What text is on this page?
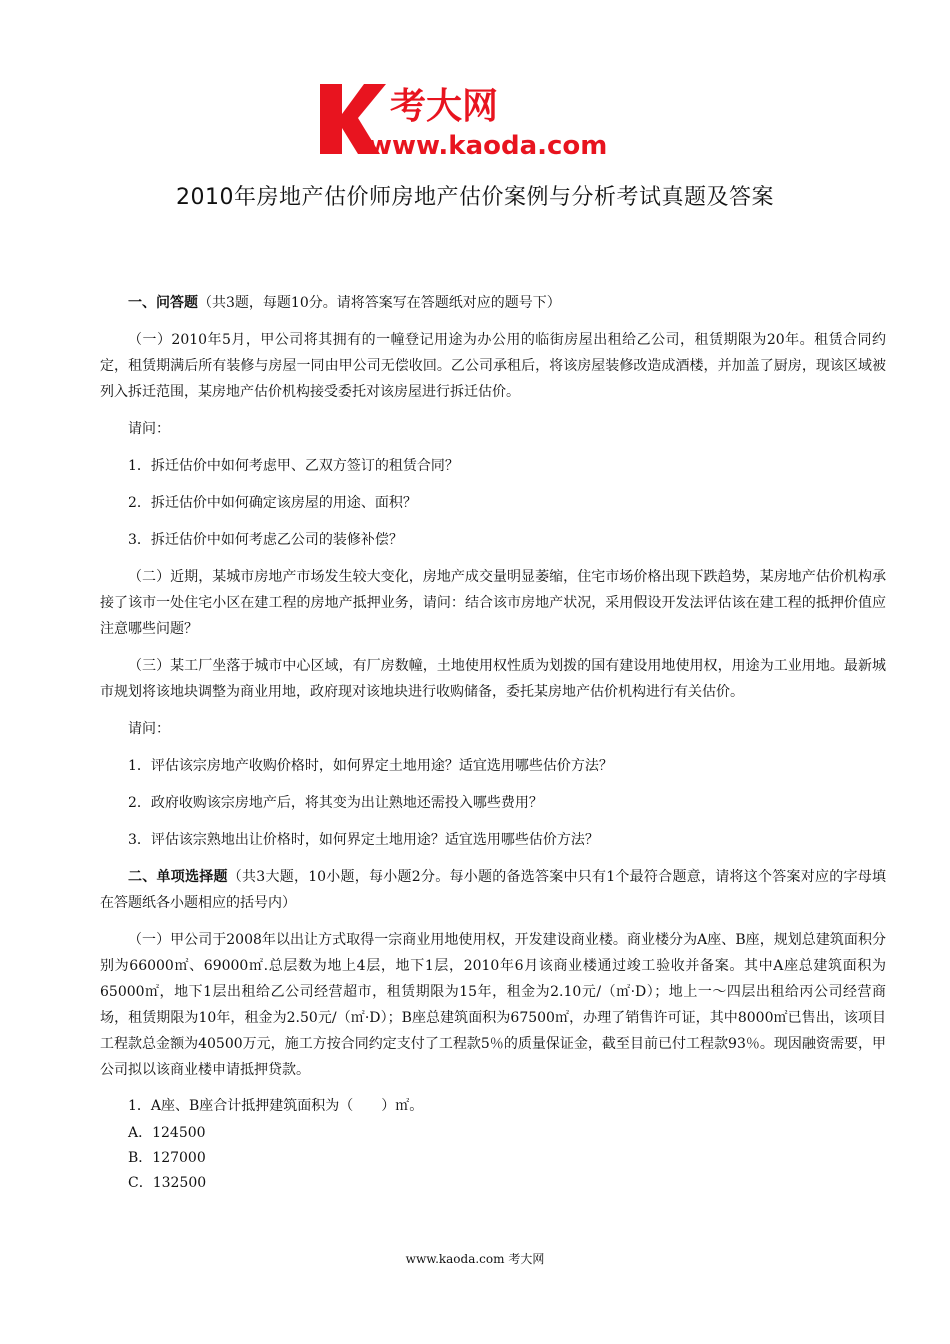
考大网
www.kaoda.com
2010年房地产估价师房地产估价案例与分析考试真题及答案

一、问答题（共3题，每题10分。请将答案写在答题纸对应的题号下）

（一）2010年5月，甲公司将其拥有的一幢登记用途为办公用的临街房屋出租给乙公司，租赁期限为20年。租赁合同约定，租赁期满后所有装修与房屋一同由甲公司无偿收回。乙公司承租后，将该房屋装修改造成酒楼，并加盖了厨房，现该区域被列入拆迁范围，某房地产估价机构接受委托对该房屋进行拆迁估价。

请问：

1．拆迁估价中如何考虑甲、乙双方签订的租赁合同？

2．拆迁估价中如何确定该房屋的用途、面积？

3．拆迁估价中如何考虑乙公司的装修补偿？

（二）近期，某城市房地产市场发生较大变化，房地产成交量明显萎缩，住宅市场价格出现下跌趋势，某房地产估价机构承接了该市一处住宅小区在建工程的房地产抵押业务，请问：结合该市房地产状况，采用假设开发法评估该在建工程的抵押价值应注意哪些问题？

（三）某工厂坐落于城市中心区域，有厂房数幢，土地使用权性质为划拨的国有建设用地使用权，用途为工业用地。最新城市规划将该地块调整为商业用地，政府现对该地块进行收购储备，委托某房地产估价机构进行有关估价。

请问：

1．评估该宗房地产收购价格时，如何界定土地用途？适宜选用哪些估价方法？

2．政府收购该宗房地产后，将其变为出让熟地还需投入哪些费用？

3．评估该宗熟地出让价格时，如何界定土地用途？适宜选用哪些估价方法？

二、单项选择题（共3大题，10小题，每小题2分。每小题的备选答案中只有1个最符合题意，请将这个答案对应的字母填在答题纸各小题相应的括号内）

（一）甲公司于2008年以出让方式取得一宗商业用地使用权，开发建设商业楼。商业楼分为A座、B座，规划总建筑面积分别为66000㎡、69000㎡.总层数为地上4层，地下1层，2010年6月该商业楼通过竣工验收并备案。其中A座总建筑面积为65000㎡，地下1层出租给乙公司经营超市，租赁期限为15年，租金为2.10元/（㎡·D）；地上一～四层出租给丙公司经营商场，租赁期限为10年，租金为2.50元/（㎡·D）；B座总建筑面积为67500㎡，办理了销售许可证，其中8000㎡已售出，该项目工程款总金额为40500万元，施工方按合同约定支付了工程款5％的质量保证金，截至目前已付工程款93％。现因融资需要，甲公司拟以该商业楼申请抵押贷款。

1．A座、B座合计抵押建筑面积为（　　）㎡。

A．124500

B．127000

C．132500

www.kaoda.com 考大网
